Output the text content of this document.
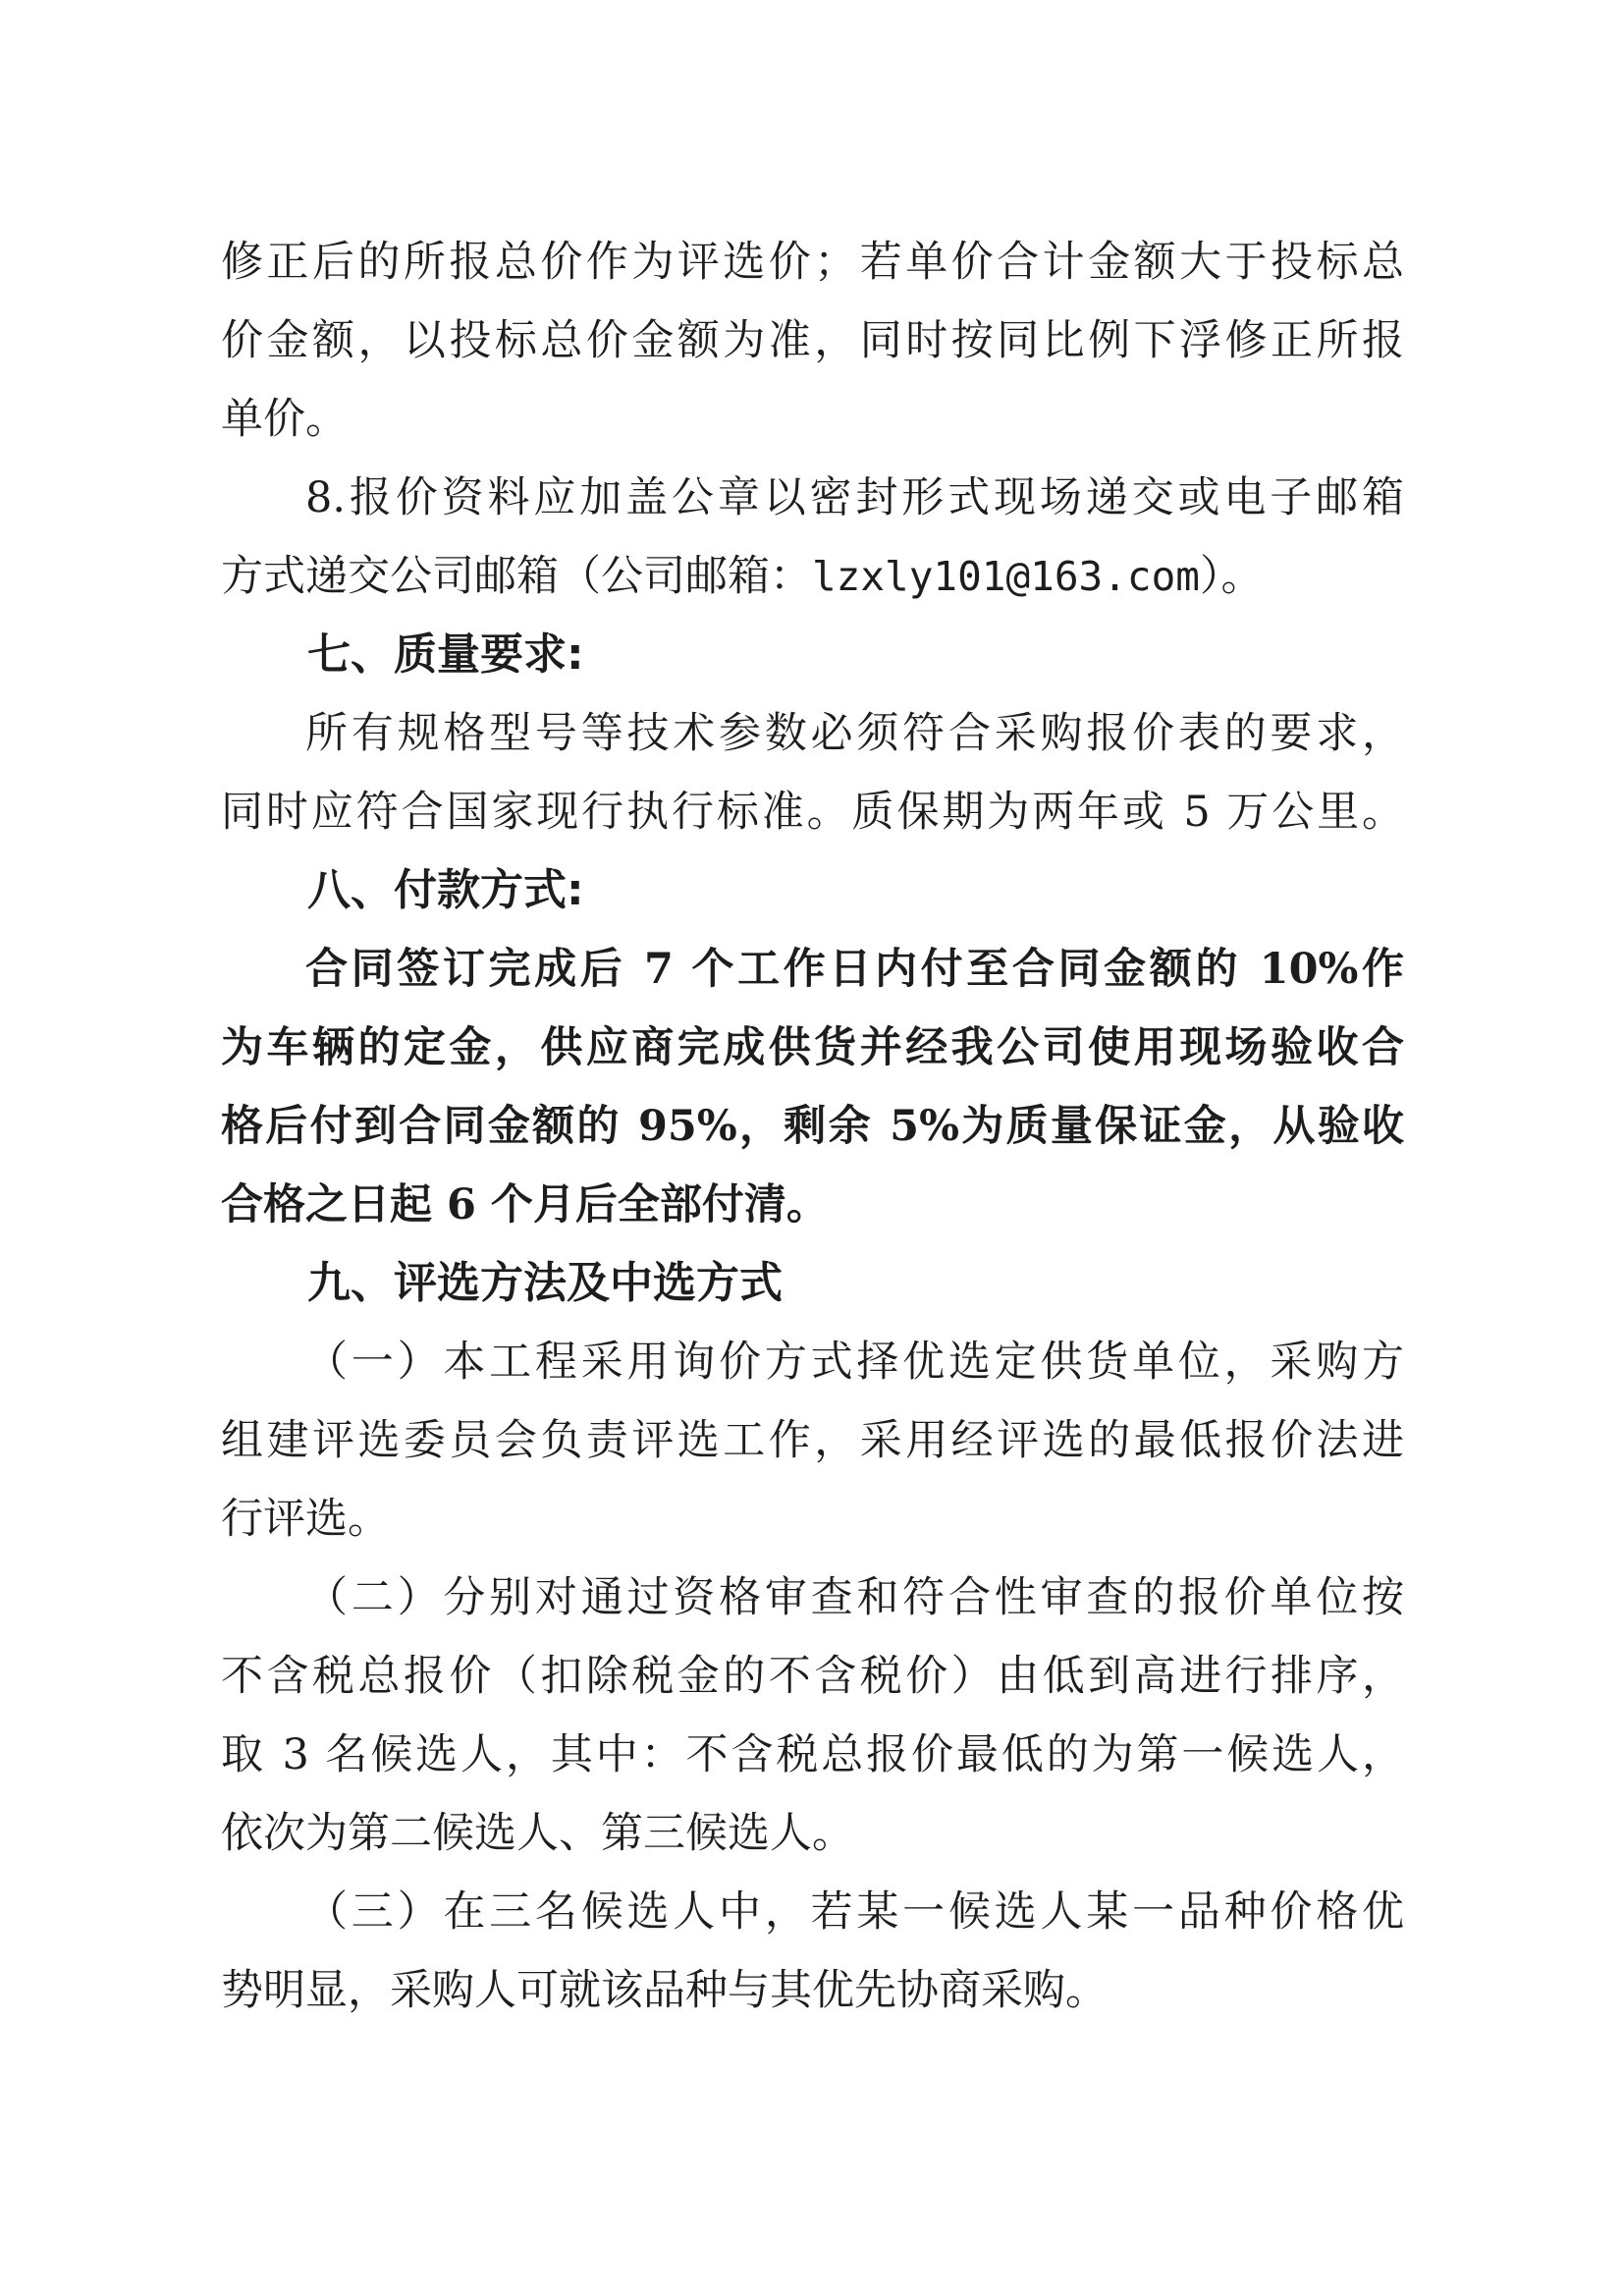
修正后的所报总价作为评选价；若单价合计金额大于投标总
价金额，以投标总价金额为准，同时按同比例下浮修正所报
单价。
8.报价资料应加盖公章以密封形式现场递交或电子邮箱
方式递交公司邮箱（公司邮箱：lzxly101@163.com）。
七、质量要求:
所有规格型号等技术参数必须符合采购报价表的要求，
同时应符合国家现行执行标准。质保期为两年或 5 万公里。
八、付款方式:
合同签订完成后 7 个工作日内付至合同金额的 10%作
为车辆的定金，供应商完成供货并经我公司使用现场验收合
格后付到合同金额的 95%，剩余 5%为质量保证金，从验收
合格之日起 6 个月后全部付清。
九、评选方法及中选方式
（一）本工程采用询价方式择优选定供货单位，采购方
组建评选委员会负责评选工作，采用经评选的最低报价法进
行评选。
（二）分别对通过资格审查和符合性审查的报价单位按
不含税总报价（扣除税金的不含税价）由低到高进行排序，
取 3 名候选人，其中：不含税总报价最低的为第一候选人，
依次为第二候选人、第三候选人。
（三）在三名候选人中，若某一候选人某一品种价格优
势明显，采购人可就该品种与其优先协商采购。
